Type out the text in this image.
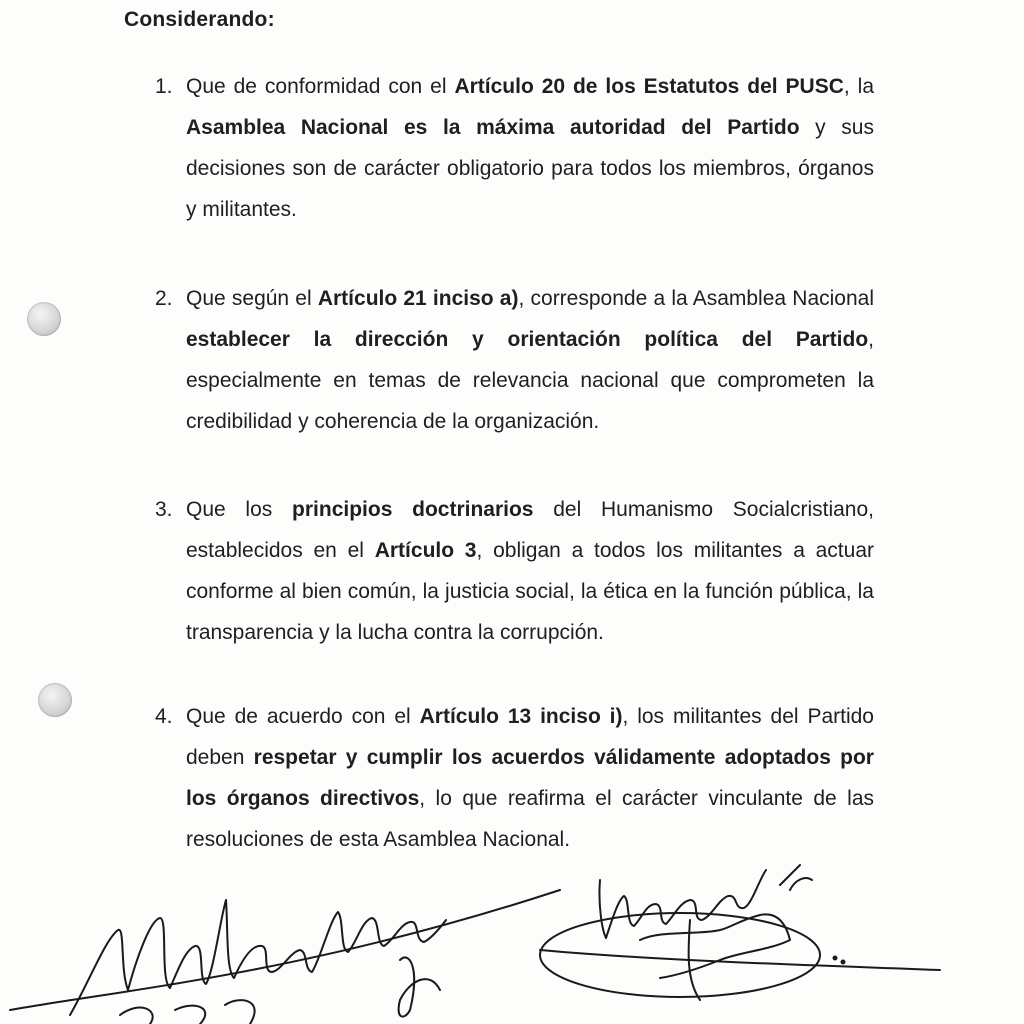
Considerando:
1. Que de conformidad con el Artículo 20 de los Estatutos del PUSC, la Asamblea Nacional es la máxima autoridad del Partido y sus decisiones son de carácter obligatorio para todos los miembros, órganos y militantes.
2. Que según el Artículo 21 inciso a), corresponde a la Asamblea Nacional establecer la dirección y orientación política del Partido, especialmente en temas de relevancia nacional que comprometen la credibilidad y coherencia de la organización.
3. Que los principios doctrinarios del Humanismo Socialcristiano, establecidos en el Artículo 3, obligan a todos los militantes a actuar conforme al bien común, la justicia social, la ética en la función pública, la transparencia y la lucha contra la corrupción.
4. Que de acuerdo con el Artículo 13 inciso i), los militantes del Partido deben respetar y cumplir los acuerdos válidamente adoptados por los órganos directivos, lo que reafirma el carácter vinculante de las resoluciones de esta Asamblea Nacional.
